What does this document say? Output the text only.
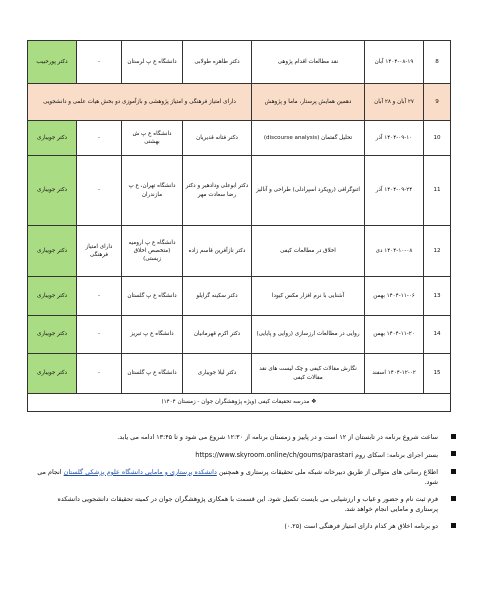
8	۱۴۰۴-۰۸-۱۹ آبان	نقد مطالعات اقدام پژوهی	دکتر طاهره طولابی	دانشگاه ع پ لرستان	-	دکتر پورحبیب
9	۲۷ آبان و ۲۸ آبان	دهمین همایش پرستار، ماما و پژوهش	دارای امتیاز فرهنگی و امتیاز پژوهشی و بازآموزی دو بخش هیات علمی و دانشجویی			
10	۱۴۰۴-۰۹-۱۰ آذر	تحلیل گفتمان (discourse analysis)	دکتر فتانه قدیریان	دانشگاه ع پ ش بهشتی	-	دکتر جویباری
11	۱۴۰۴-۰۹-۲۴ آذر	اتنوگرافی (رویکرد اسپرادلی) طراحی و آنالیز	دکتر ابوعلی ودادهیر و دکتر رضا سعادت مهر	دانشگاه تهران، ع پ مازندران	-	دکتر جویباری
12	۱۴۰۴-۱۰-۰۸ دی	اخلاق در مطالعات کیفی	دکتر نازآفرین قاسم زاده	دانشگاه ع پ ارومیه (متخصص اخلاق زیستی)	دارای امتیاز فرهنگی	دکتر جویباری
13	۱۴۰۴-۱۱-۰۶ بهمن	آشنایی با نرم افزار مکس کیودا	دکتر سکینه گرایلو	دانشگاه ع پ گلستان	-	دکتر جویباری
14	۱۴۰۴-۱۱-۲۰ بهمن	روایی در مطالعات ارزسازی (روایی و پایایی)	دکتر اکرم قهرمانیان	دانشگاه ع پ تبریز	-	دکتر جویباری
15	۱۴۰۴-۱۲-۰۲ اسفند	نگارش مقالات کیفی و چک لیست های نقد مقالات کیفی	دکتر لیلا جویباری	دانشگاه ع پ گلستان	-	دکتر جویباری
❖ مدرسه تحقیقات کیفی (ویژه پژوهشگران جوان - زمستان ۱۴۰۴)						
ساعت شروع برنامه در تابستان از ۱۲ است و در پاییز و زمستان برنامه از ۱۲:۳۰ شروع می شود و تا ۱۳:۴۵ ادامه می یابد.
بستر اجرای برنامه: اسکای روم https://www.skyroom.online/ch/goums/parastari
اطلاع رسانی های متوالی از طریق دبیرخانه شبکه ملی تحقیقات پرستاری و همچنین دانشکده پرستاری و مامایی دانشگاه علوم پزشکی گلستان انجام می شود.
فرم ثبت نام و حضور و غیاب و ارزشیابی می بایست تکمیل شود. این قسمت با همکاری پژوهشگران جوان در کمیته تحقیقات دانشجویی دانشکده پرستاری و مامایی انجام خواهد شد.
دو برنامه اخلاق هر کدام دارای امتیاز فرهنگی است (۰.۲۵)
